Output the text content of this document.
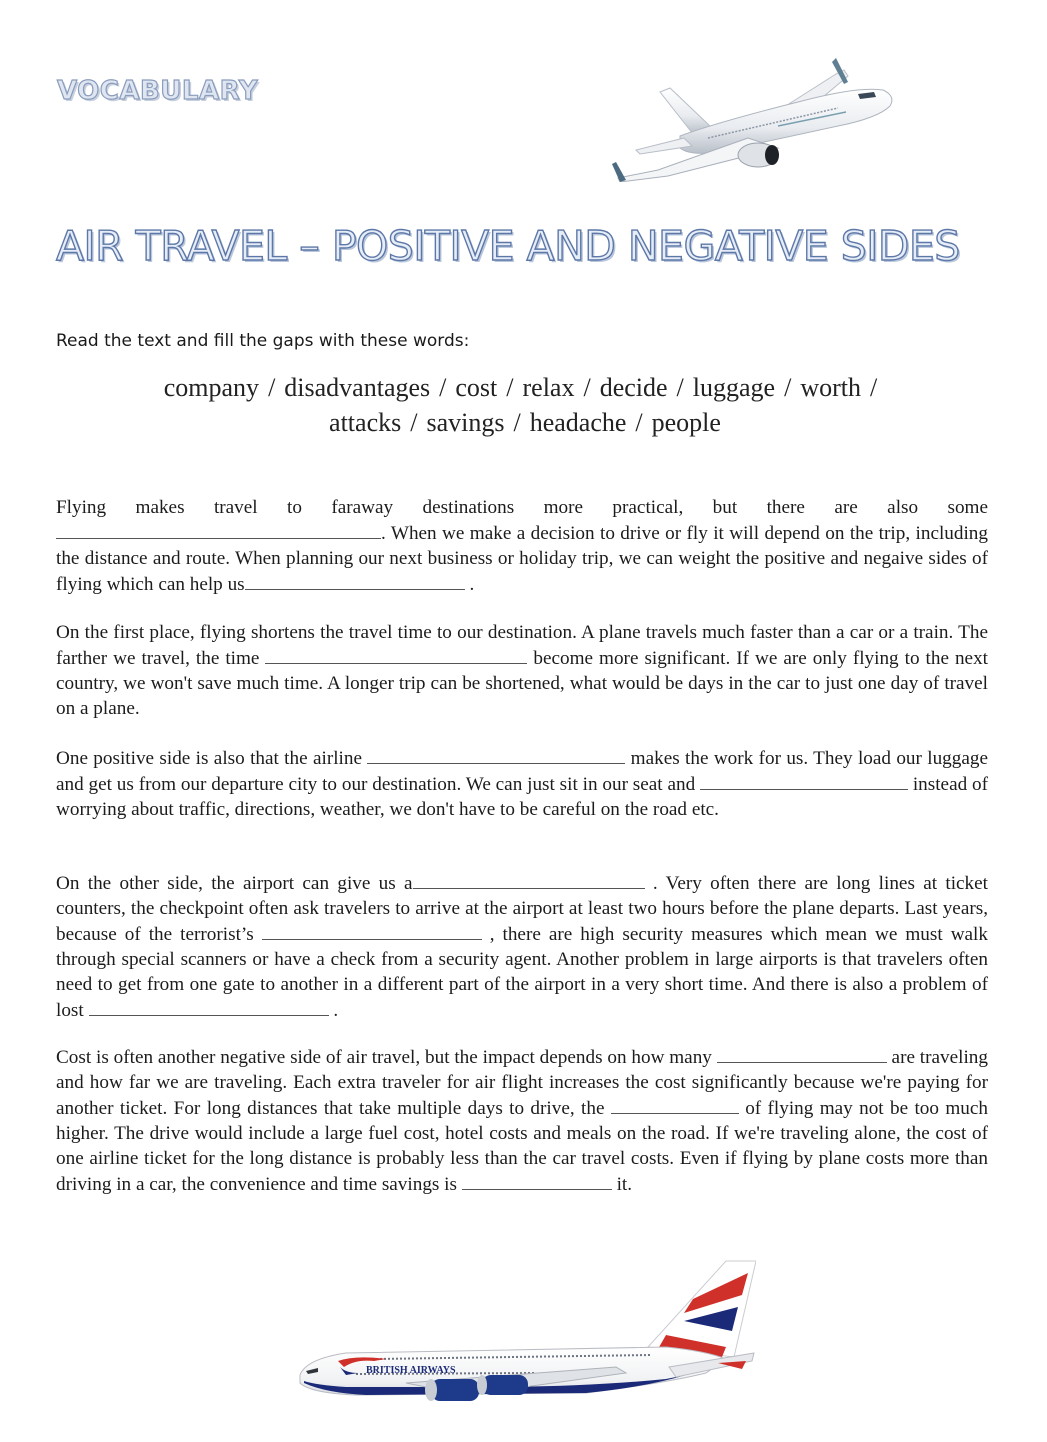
VOCABULARY
AIR TRAVEL – POSITIVE AND NEGATIVE SIDES
Read the text and fill the gaps with these words:
company / disadvantages / cost / relax / decide / luggage / worth /
attacks / savings / headache / people
Flying makes travel to faraway destinations more practical, but there are also some. When we make a decision to drive or fly it will depend on the trip, including the distance and route. When planning our next business or holiday trip, we can weight the positive and negaive sides of flying which can help us	.
On the first place, flying shortens the travel time to our destination. A plane travels much faster than a car or a train. The farther we travel, the time	become more significant. If we are only flying to the next country, we won't save much time. A longer trip can be shortened, what would be days in the car to just one day of travel on a plane.
One positive side is also that the airline	makes the work for us. They load our luggage and get us from our departure city to our destination. We can just sit in our seat and	instead of worrying about traffic, directions, weather, we don't have to be careful on the road etc.
On the other side, the airport can give us a	. Very often there are long lines at ticket counters, the checkpoint often ask travelers to arrive at the airport at least two hours before the plane departs. Last years, because of the terrorist’s	, there are high security measures which mean we must walk through special scanners or have a check from a security agent. Another problem in large airports is that travelers often need to get from one gate to another in a different part of the airport in a very short time. And there is also a problem of lost	.
Cost is often another negative side of air travel, but the impact depends on how many	are traveling and how far we are traveling. Each extra traveler for air flight increases the cost significantly because we're paying for another ticket. For long distances that take multiple days to drive, the	of flying may not be too much higher. The drive would include a large fuel cost, hotel costs and meals on the road. If we're traveling alone, the cost of one airline ticket for the long distance is probably less than the car travel costs. Even if flying by plane costs more than driving in a car, the convenience and time savings is	it.
BRITISH AIRWAYS
